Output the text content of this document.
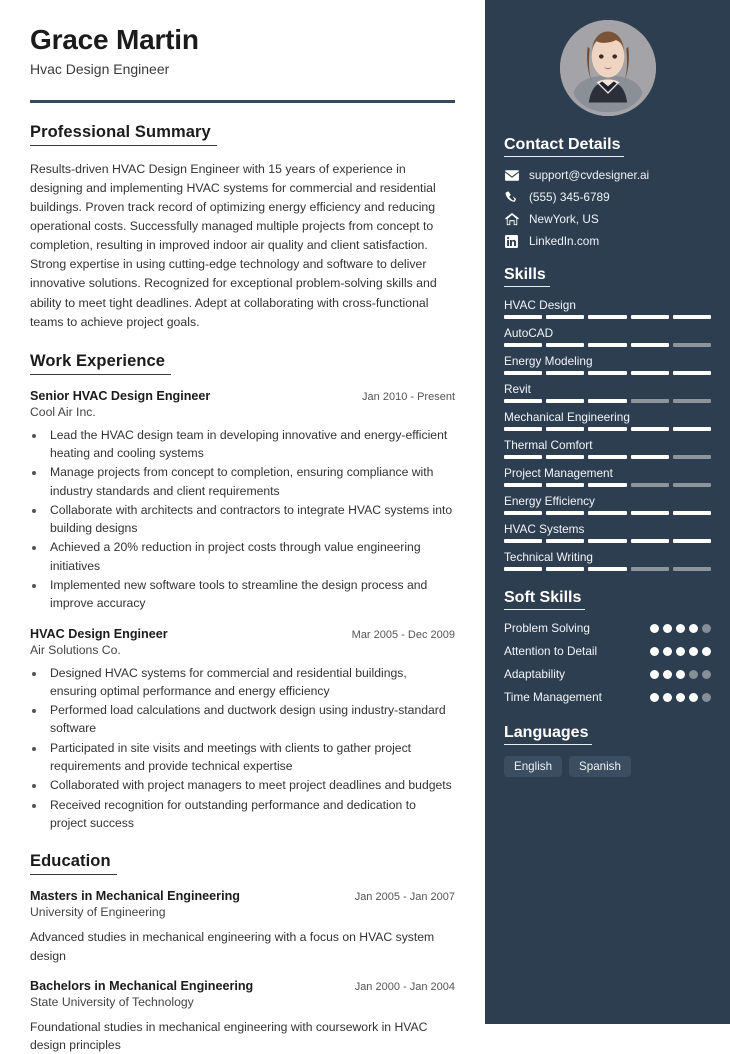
Grace Martin
Hvac Design Engineer
Professional Summary
Results-driven HVAC Design Engineer with 15 years of experience in designing and implementing HVAC systems for commercial and residential buildings. Proven track record of optimizing energy efficiency and reducing operational costs. Successfully managed multiple projects from concept to completion, resulting in improved indoor air quality and client satisfaction. Strong expertise in using cutting-edge technology and software to deliver innovative solutions. Recognized for exceptional problem-solving skills and ability to meet tight deadlines. Adept at collaborating with cross-functional teams to achieve project goals.
Work Experience
Senior HVAC Design Engineer	Jan 2010 - Present
Cool Air Inc.
• Lead the HVAC design team in developing innovative and energy-efficient heating and cooling systems
• Manage projects from concept to completion, ensuring compliance with industry standards and client requirements
• Collaborate with architects and contractors to integrate HVAC systems into building designs
• Achieved a 20% reduction in project costs through value engineering initiatives
• Implemented new software tools to streamline the design process and improve accuracy
HVAC Design Engineer	Mar 2005 - Dec 2009
Air Solutions Co.
• Designed HVAC systems for commercial and residential buildings, ensuring optimal performance and energy efficiency
• Performed load calculations and ductwork design using industry-standard software
• Participated in site visits and meetings with clients to gather project requirements and provide technical expertise
• Collaborated with project managers to meet project deadlines and budgets
• Received recognition for outstanding performance and dedication to project success
Education
Masters in Mechanical Engineering	Jan 2005 - Jan 2007
University of Engineering
Advanced studies in mechanical engineering with a focus on HVAC system design
Bachelors in Mechanical Engineering	Jan 2000 - Jan 2004
State University of Technology
Foundational studies in mechanical engineering with coursework in HVAC design principles
Contact Details
support@cvdesigner.ai
(555) 345-6789
NewYork, US
LinkedIn.com
Skills
HVAC Design
AutoCAD
Energy Modeling
Revit
Mechanical Engineering
Thermal Comfort
Project Management
Energy Efficiency
HVAC Systems
Technical Writing
Soft Skills
Problem Solving
Attention to Detail
Adaptability
Time Management
Languages
English	Spanish
